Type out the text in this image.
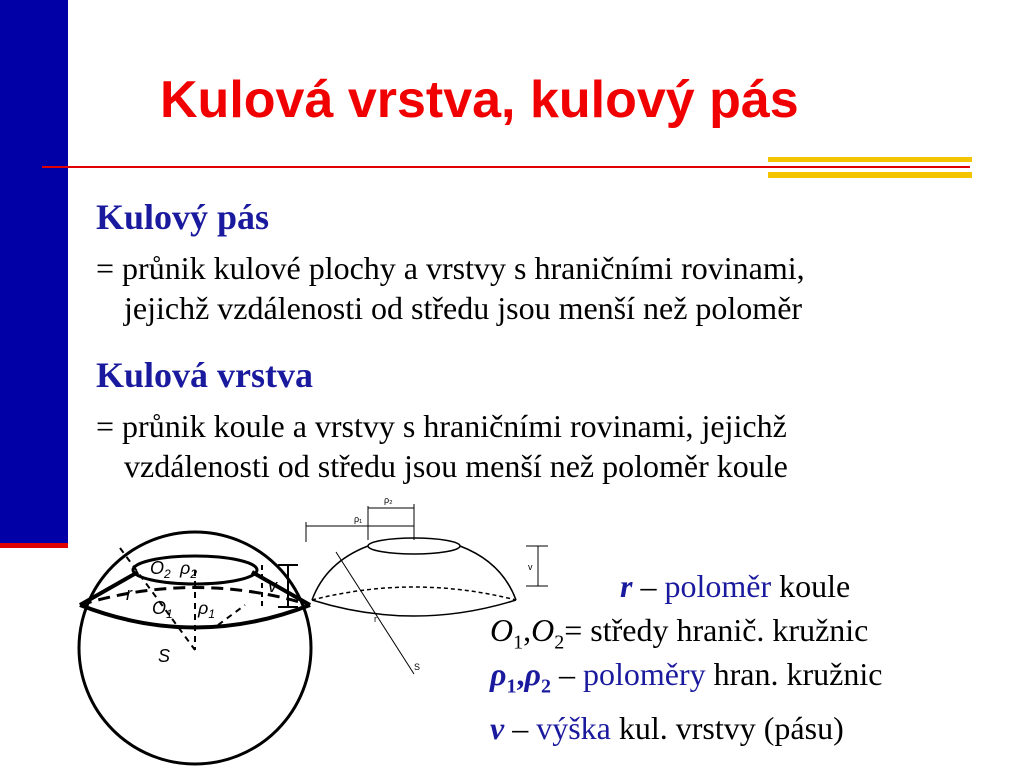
Kulová vrstva, kulový pás
Kulový pás
= průnik kulové plochy a vrstvy s hraničními rovinami,
jejichž vzdálenosti od středu jsou menší než poloměr
Kulová vrstva
= průnik koule a vrstvy s hraničními rovinami, jejichž
vzdálenosti od středu jsou menší než poloměr koule
$O_2$ $\rho_2$
r
$O_1$ $\rho_1$
v
S
ρ₂
ρ₁
v
r
S
r – poloměr koule
$O_1,O_2=$ středy hranič. kružnic
$\rho_1,\rho_2$ – poloměry hran. kružnic
v – výška kul. vrstvy (pásu)
